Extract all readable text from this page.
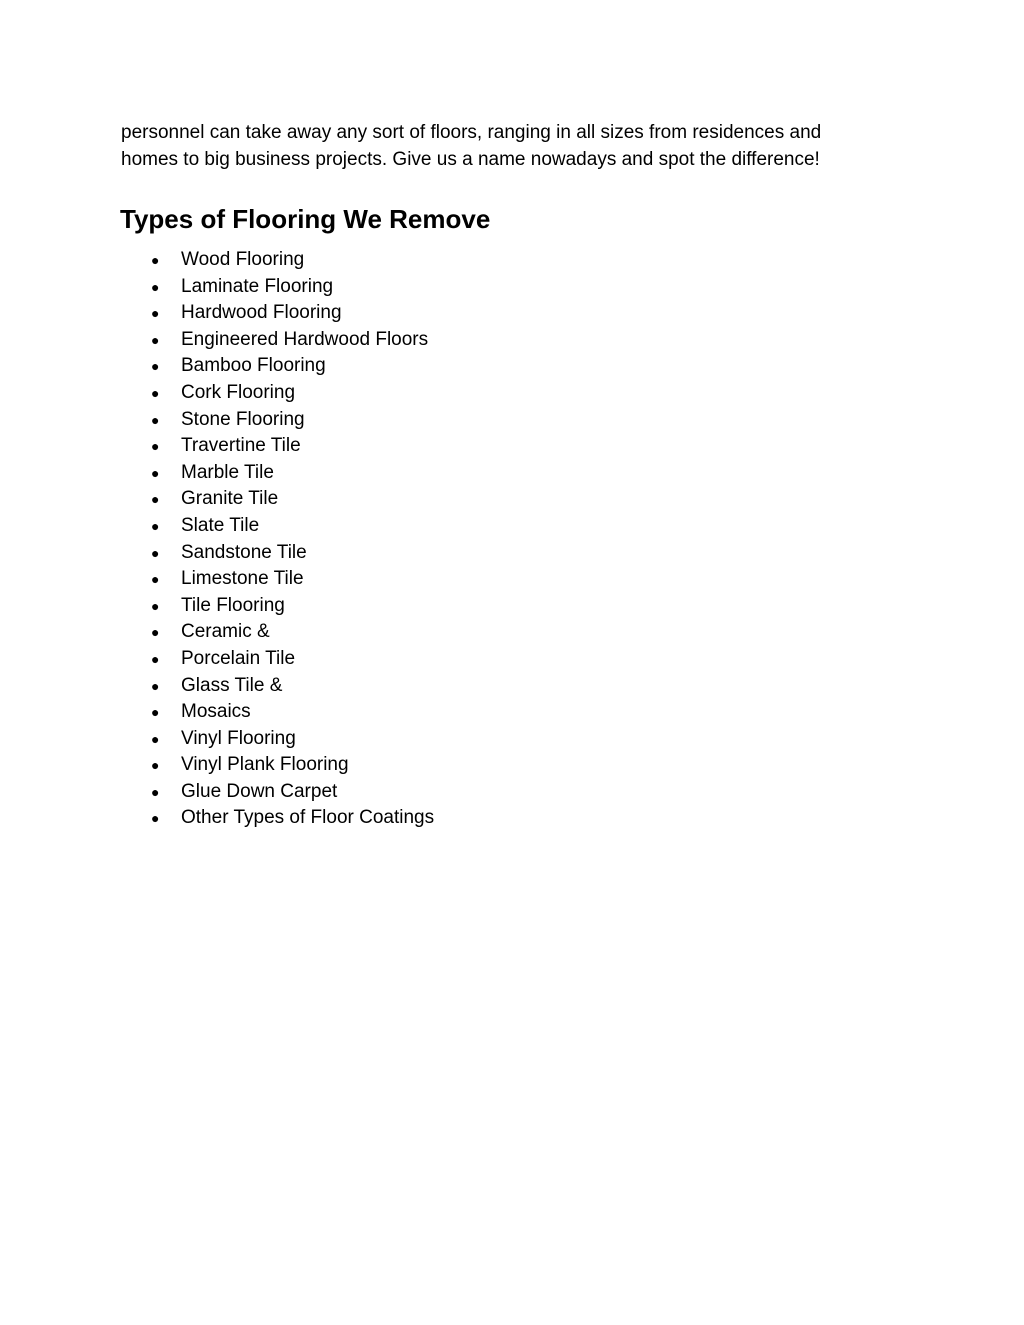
personnel can take away any sort of floors, ranging in all sizes from residences and
homes to big business projects. Give us a name nowadays and spot the difference!

Types of Flooring We Remove
● Wood Flooring
● Laminate Flooring
● Hardwood Flooring
● Engineered Hardwood Floors
● Bamboo Flooring
● Cork Flooring
● Stone Flooring
● Travertine Tile
● Marble Tile
● Granite Tile
● Slate Tile
● Sandstone Tile
● Limestone Tile
● Tile Flooring
● Ceramic &
● Porcelain Tile
● Glass Tile &
● Mosaics
● Vinyl Flooring
● Vinyl Plank Flooring
● Glue Down Carpet
● Other Types of Floor Coatings
